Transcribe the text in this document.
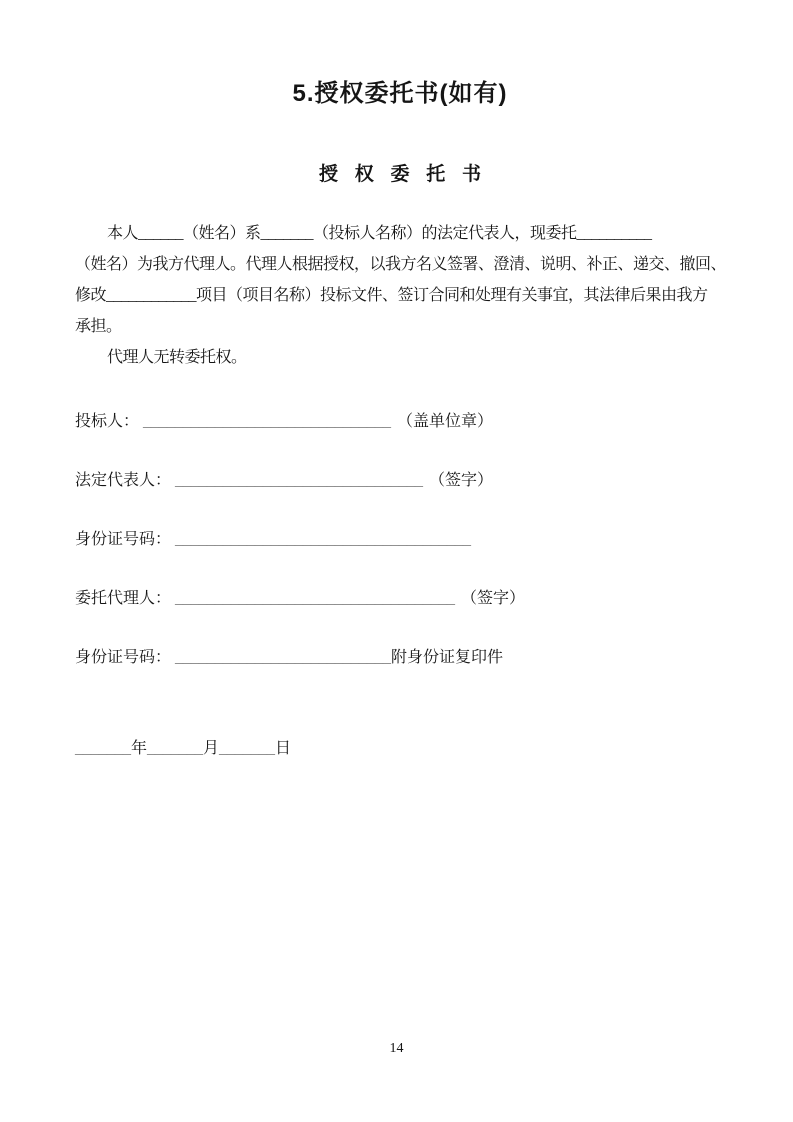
5.授权委托书(如有)
授 权 委 托 书
本人______（姓名）系_______（投标人名称）的法定代表人，现委托__________
（姓名）为我方代理人。代理人根据授权，以我方名义签署、澄清、说明、补正、递交、撤回、
修改____________项目（项目名称）投标文件、签订合同和处理有关事宜，其法律后果由我方
承担。
代理人无转委托权。
投标人： _______________________________ （盖单位章）
法定代表人： _______________________________ （签字）
身份证号码： _____________________________________
委托代理人： ___________________________________ （签字）
身份证号码： ___________________________附身份证复印件
_______年_______月_______日
14
